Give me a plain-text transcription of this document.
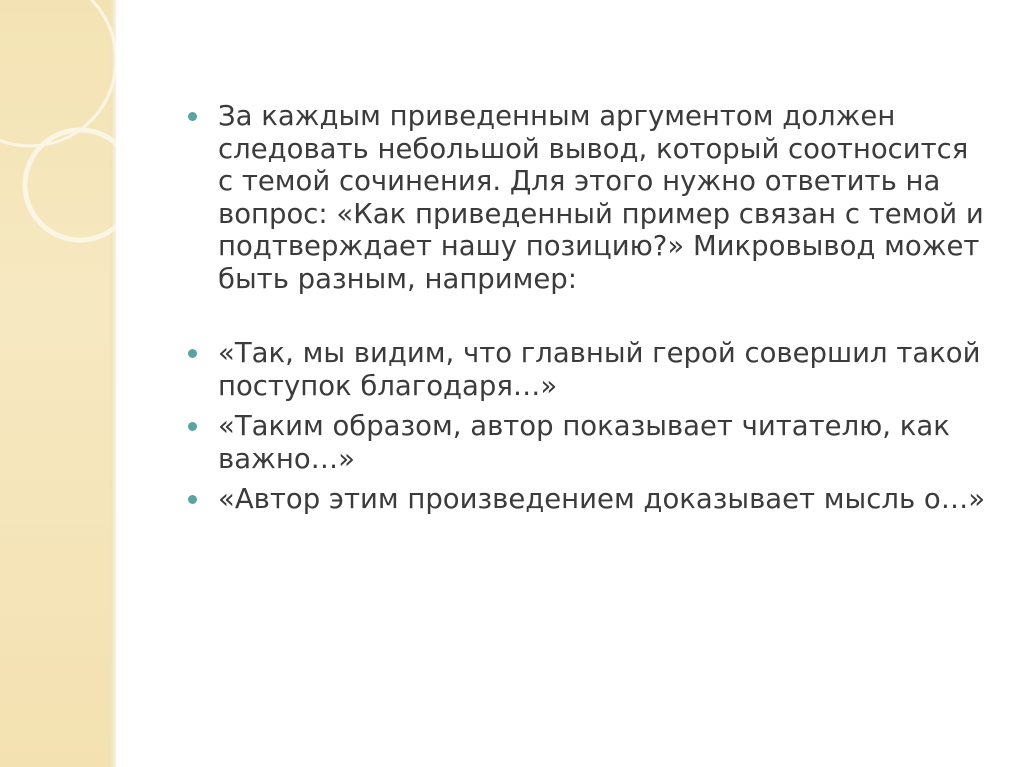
За каждым приведенным аргументом должен следовать небольшой вывод, который соотносится с темой сочинения. Для этого нужно ответить на вопрос: «Как приведенный пример связан с темой и подтверждает нашу позицию?» Микровывод может быть разным, например:
«Так, мы видим, что главный герой совершил такой поступок благодаря…»
«Таким образом, автор показывает читателю, как важно…»
«Автор этим произведением доказывает мысль о…»
